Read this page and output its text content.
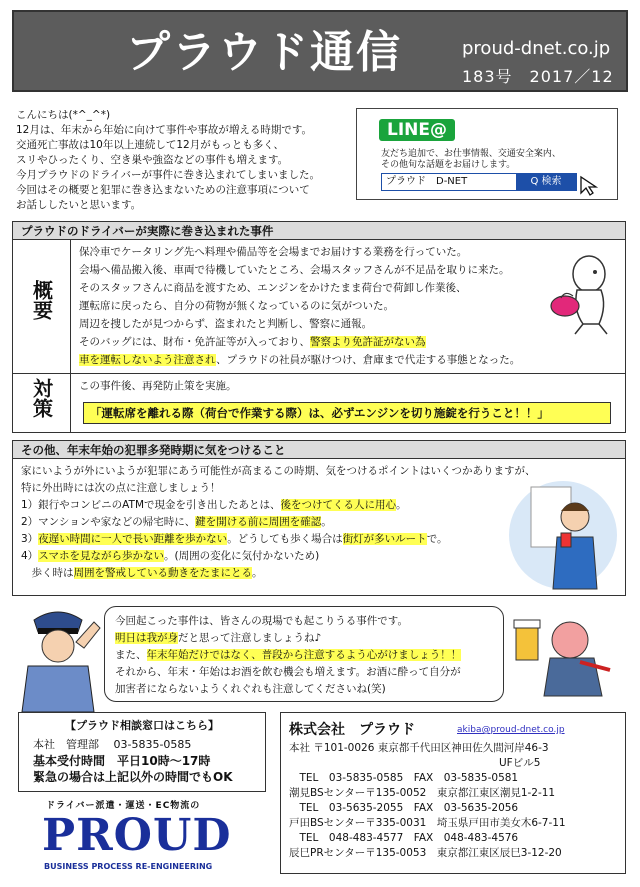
プラウド通信	proud-dnet.co.jp
183号　2017／12
こんにちは(*^_^*)
12月は、年末から年始に向けて事件や事故が増える時期です。
交通死亡事故は10年以上連続して12月がもっとも多く、
スリやひったくり、空き巣や強盗などの事件も増えます。
今月プラウドのドライバーが事件に巻き込まれてしまいました。
今回はその概要と犯罪に巻き込まないための注意事項について
お話ししたいと思います。
LINE@
友だち追加で、お仕事情報、交通安全案内、
その他旬な話題をお届けします。
プラウド　D-NET	Q 検索
プラウドのドライバーが実際に巻き込まれた事件
概要
保冷車でケータリング先へ料理や備品等を会場までお届けする業務を行っていた。
会場へ備品搬入後、車両で待機していたところ、会場スタッフさんが不足品を取りに来た。
そのスタッフさんに商品を渡すため、エンジンをかけたまま荷台で荷卸し作業後、
運転席に戻ったら、自分の荷物が無くなっているのに気がついた。
周辺を捜したが見つからず、盗まれたと判断し、警察に通報。
そのバッグには、財布・免許証等が入っており、警察より免許証がない為
車を運転しないよう注意され、プラウドの社員が駆けつけ、倉庫まで代走する事態となった。
対策	この事件後、再発防止策を実施。
「運転席を離れる際（荷台で作業する際）は、必ずエンジンを切り施錠を行うこと！！」
その他、年末年始の犯罪多発時期に気をつけること
家にいようが外にいようが犯罪にあう可能性が高まるこの時期、気をつけるポイントはいくつかありますが、
特に外出時には次の点に注意しましょう！
1）銀行やコンビニのATMで現金を引き出したあとは、後をつけてくる人に用心。
2）マンションや家などの帰宅時に、鍵を開ける前に周囲を確認。
3）夜遅い時間に一人で長い距離を歩かない。どうしても歩く場合は街灯が多いルートで。
4）スマホを見ながら歩かない。(周囲の変化に気付かないため)
　歩く時は周囲を警戒している動きをたまにとる。
今回起こった事件は、皆さんの現場でも起こりうる事件です。
明日は我が身だと思って注意しましょうね♪
また、年末年始だけではなく、普段から注意するよう心がけましょう！！
それから、年末・年始はお酒を飲む機会も増えます。お酒に酔って自分が
加害者にならないようくれぐれも注意してくださいね(笑)
【プラウド相談窓口はこちら】
本社　管理部　 03-5835-0585
基本受付時間　平日10時〜17時
緊急の場合は上記以外の時間でもOK
株式会社　プラウド	akiba@proud-dnet.co.jp
本社 〒101-0026 東京都千代田区神田佐久間河岸46-3
　　　　　　　　　　　　　　　　　　　　UFビル5
　TEL　03-5835-0585　FAX　03-5835-0581
潮見BSセンター〒135-0052　東京都江東区潮見1-2-11
　TEL　03-5635-2055　FAX　03-5635-2056
戸田BSセンター〒335-0031　埼玉県戸田市美女木6-7-11
　TEL　048-483-4577　FAX　048-483-4576
辰巳PRセンター〒135-0053　東京都江東区辰巳3-12-20
ドライバー派遣・運送・EC物流の
PROUD
BUSINESS PROCESS RE-ENGINEERING
